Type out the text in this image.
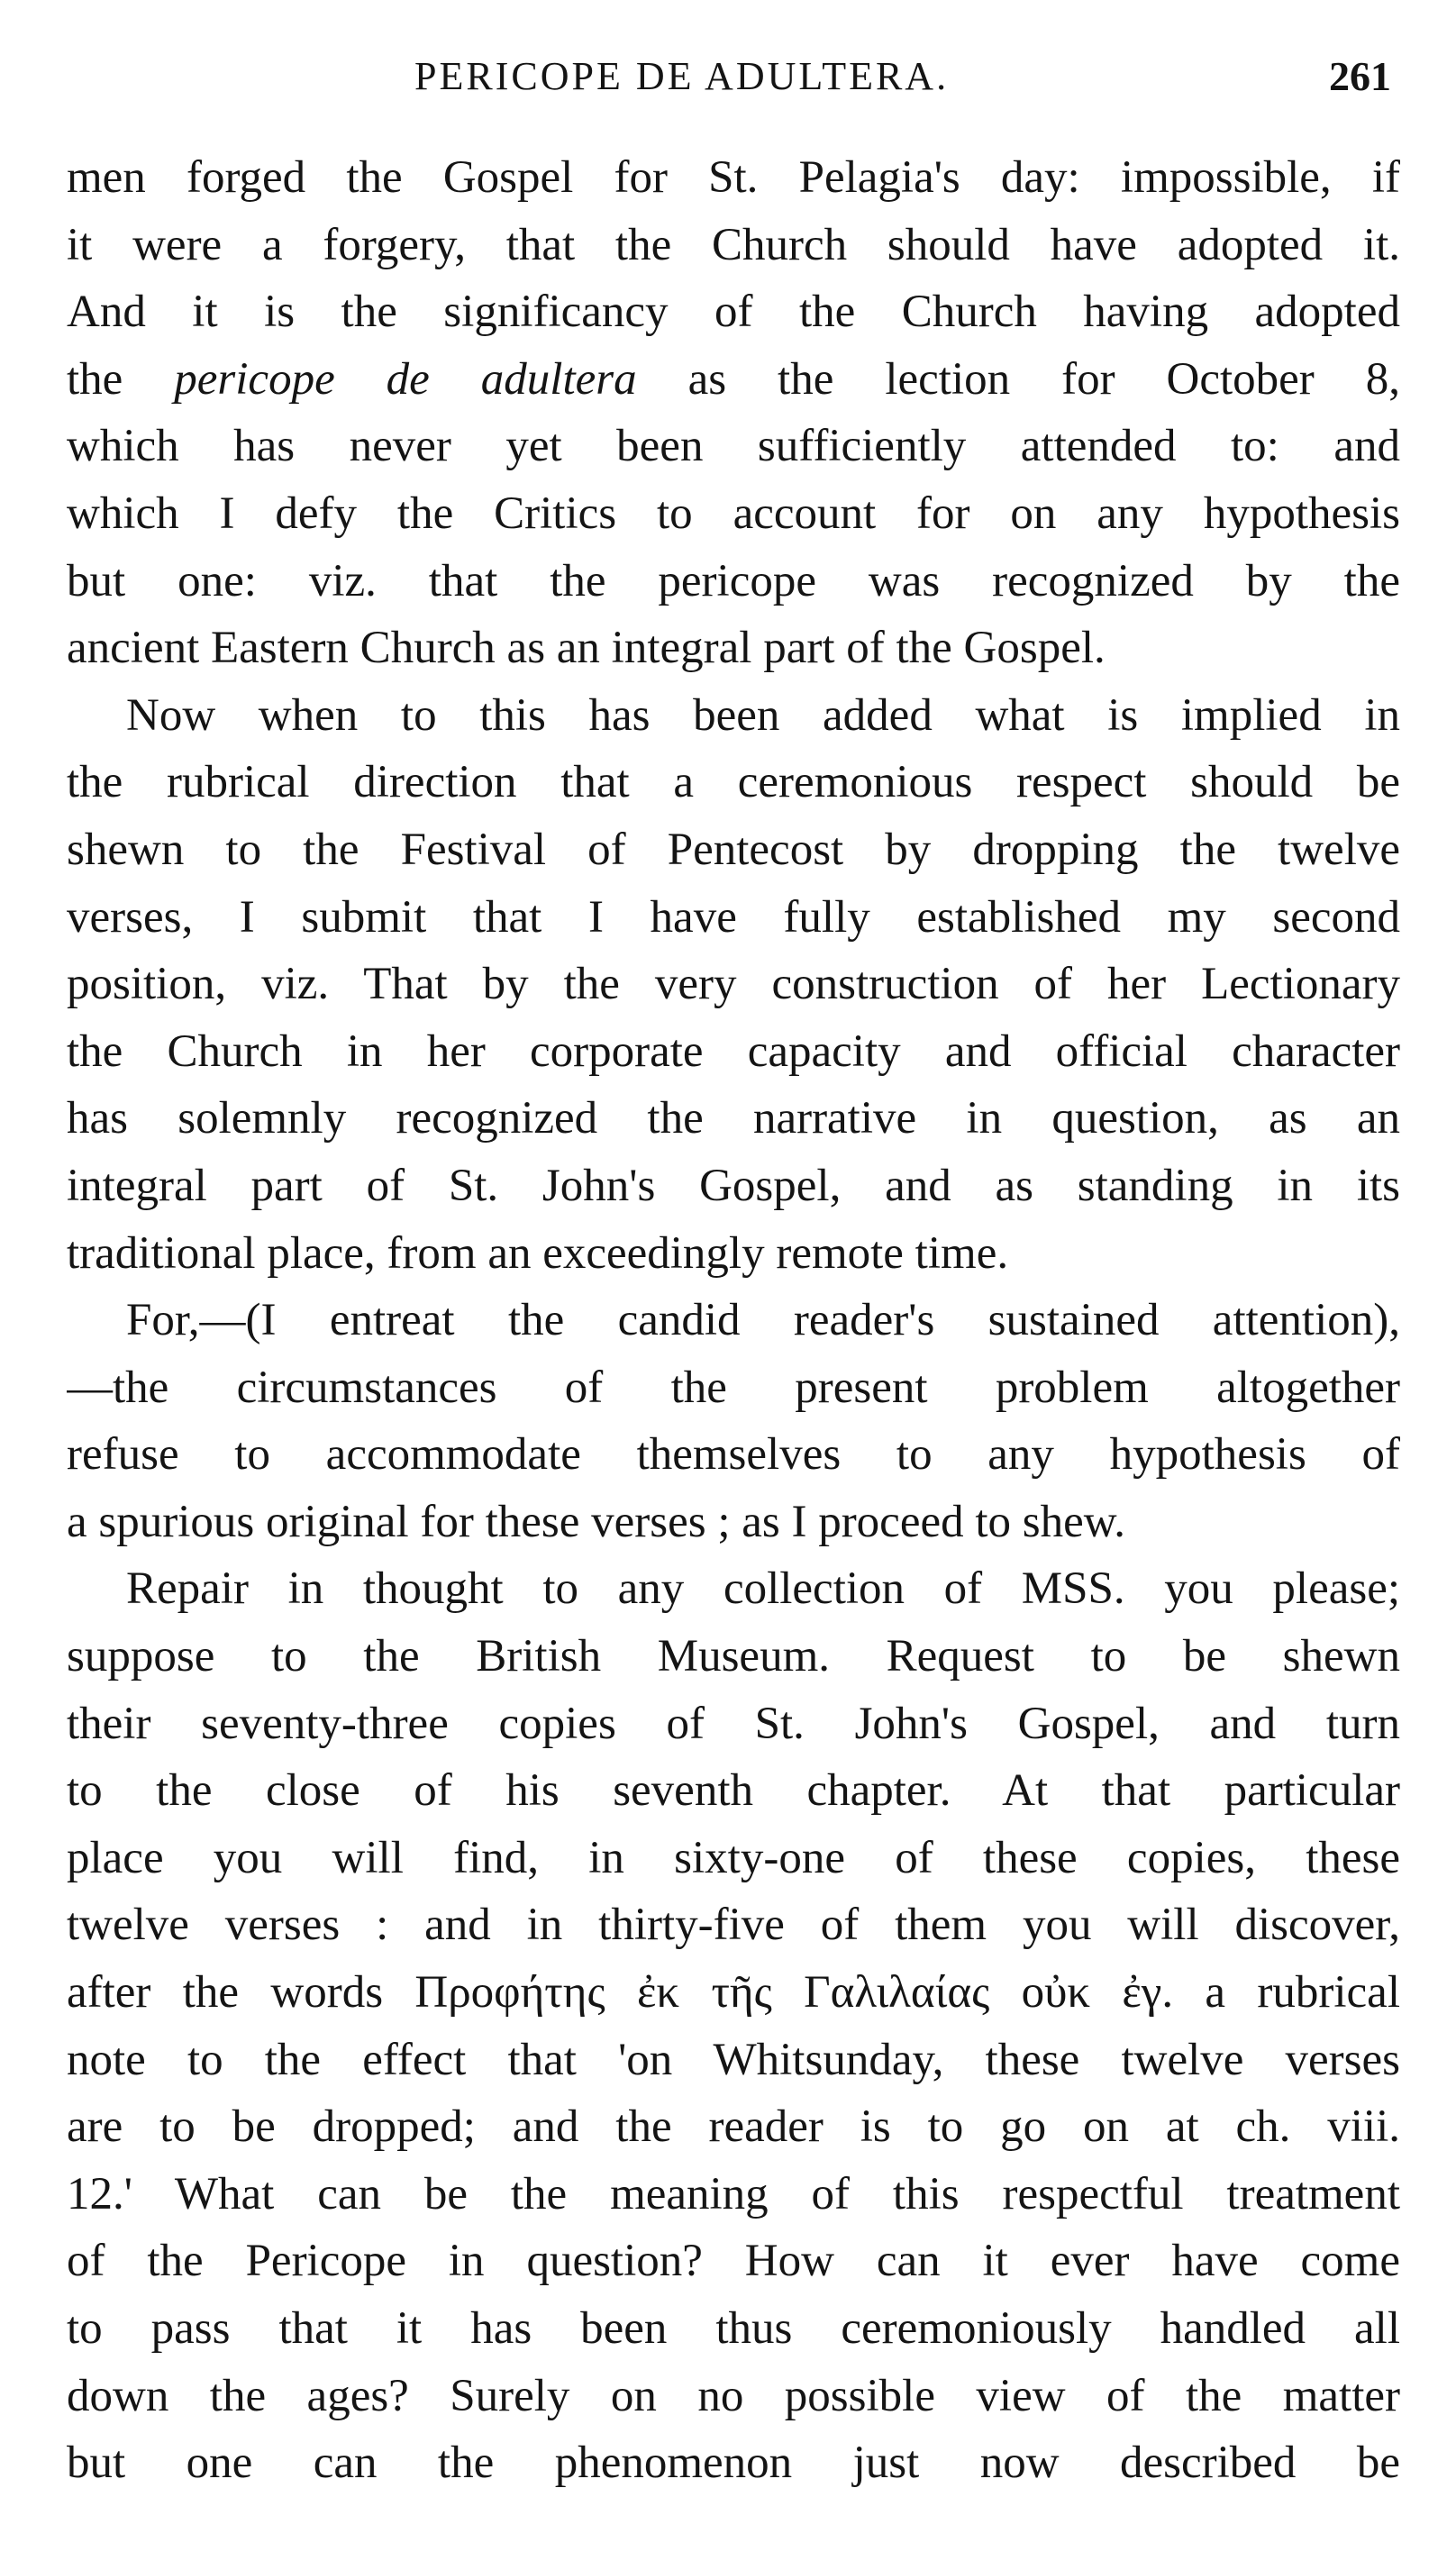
PERICOPE DE ADULTERA.	261
men forged the Gospel for St. Pelagia's day: impossible, if
it were a forgery, that the Church should have adopted it.
And it is the significancy of the Church having adopted
the pericope de adultera as the lection for October 8,
which has never yet been sufficiently attended to: and
which I defy the Critics to account for on any hypothesis
but one: viz. that the pericope was recognized by the
ancient Eastern Church as an integral part of the Gospel.
Now when to this has been added what is implied in
the rubrical direction that a ceremonious respect should be
shewn to the Festival of Pentecost by dropping the twelve
verses, I submit that I have fully established my second
position, viz. That by the very construction of her Lectionary
the Church in her corporate capacity and official character
has solemnly recognized the narrative in question, as an
integral part of St. John's Gospel, and as standing in its
traditional place, from an exceedingly remote time.
For,—(I entreat the candid reader's sustained attention),
—the circumstances of the present problem altogether
refuse to accommodate themselves to any hypothesis of
a spurious original for these verses ; as I proceed to shew.
Repair in thought to any collection of MSS. you please;
suppose to the British Museum. Request to be shewn
their seventy-three copies of St. John's Gospel, and turn
to the close of his seventh chapter. At that particular
place you will find, in sixty-one of these copies, these
twelve verses : and in thirty-five of them you will discover,
after the words Προφήτης ἐκ τῆς Γαλιλαίας οὐκ ἐγ. a rubrical
note to the effect that 'on Whitsunday, these twelve verses
are to be dropped; and the reader is to go on at ch. viii.
12.' What can be the meaning of this respectful treatment
of the Pericope in question? How can it ever have come
to pass that it has been thus ceremoniously handled all
down the ages? Surely on no possible view of the matter
but one can the phenomenon just now described be
